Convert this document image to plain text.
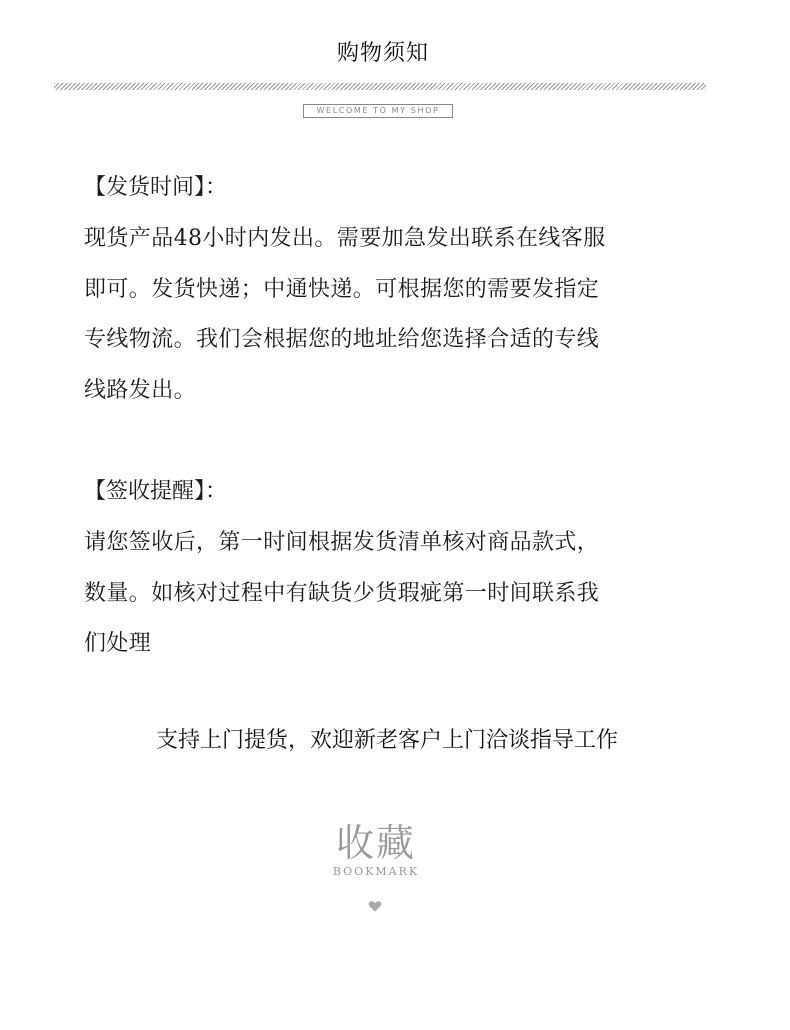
购物须知
WELCOME TO MY SHOP
【发货时间】：
现货产品48小时内发出。需要加急发出联系在线客服
即可。发货快递；中通快递。可根据您的需要发指定
专线物流。我们会根据您的地址给您选择合适的专线
线路发出。
【签收提醒】：
请您签收后，第一时间根据发货清单核对商品款式，
数量。如核对过程中有缺货少货瑕疵第一时间联系我
们处理
支持上门提货，欢迎新老客户上门洽谈指导工作
收藏
BOOKMARK
